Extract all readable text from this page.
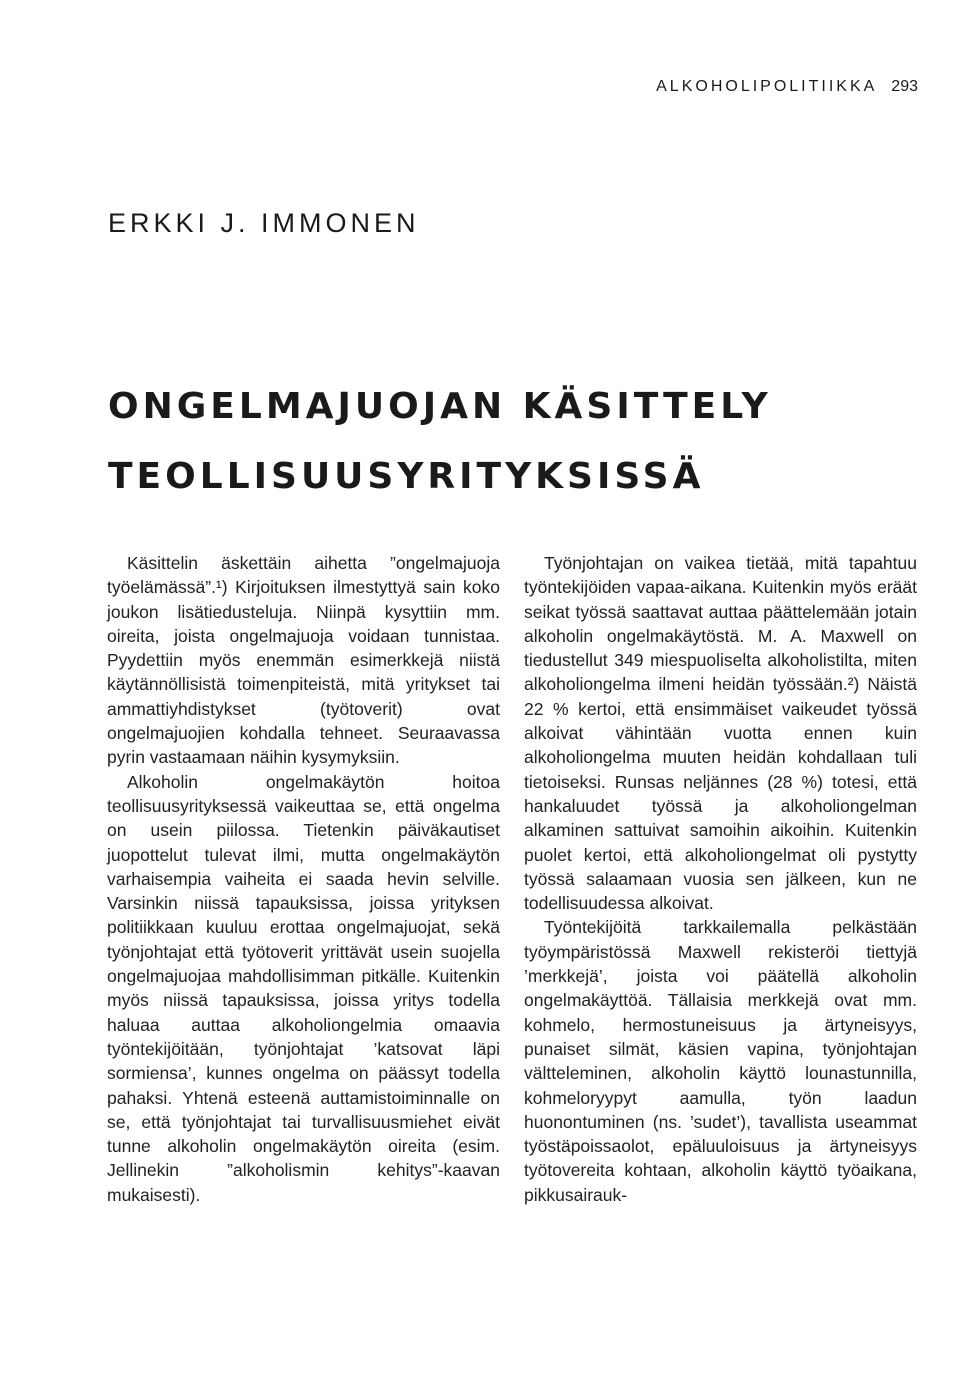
ALKOHOLIPOLITIIKKA 293
ERKKI J. IMMONEN
ONGELMAJUOJAN KÄSITTELY
TEOLLISUUSYRITYKSISSÄ

Käsittelin äskettäin aihetta ”ongelmajuoja työelämässä”.¹) Kirjoituksen ilmestyttyä sain koko joukon lisätiedusteluja. Niinpä kysyttiin mm. oireita, joista ongelmajuoja voidaan tunnistaa. Pyydettiin myös enemmän esimerkkejä niistä käytännöllisistä toimenpiteistä, mitä yritykset tai ammattiyhdistykset (työtoverit) ovat ongelmajuojien kohdalla tehneet. Seuraavassa pyrin vastaamaan näihin kysymyksiin.

Alkoholin ongelmakäytön hoitoa teollisuusyrityksessä vaikeuttaa se, että ongelma on usein piilossa. Tietenkin päiväkautiset juopottelut tulevat ilmi, mutta ongelmakäytön varhaisempia vaiheita ei saada hevin selville. Varsinkin niissä tapauksissa, joissa yrityksen politiikkaan kuuluu erottaa ongelmajuojat, sekä työnjohtajat että työtoverit yrittävät usein suojella ongelmajuojaa mahdollisimman pitkälle. Kuitenkin myös niissä tapauksissa, joissa yritys todella haluaa auttaa alkoholiongelmia omaavia työntekijöitään, työnjohtajat ’katsovat läpi sormiensa’, kunnes ongelma on päässyt todella pahaksi. Yhtenä esteenä auttamistoiminnalle on se, että työnjohtajat tai turvallisuusmiehet eivät tunne alkoholin ongelmakäytön oireita (esim. Jellinekin ”alkoholismin kehitys”-kaavan mukaisesti).

Työnjohtajan on vaikea tietää, mitä tapahtuu työntekijöiden vapaa-aikana. Kuitenkin myös eräät seikat työssä saattavat auttaa päättelemään jotain alkoholin ongelmakäytöstä. M. A. Maxwell on tiedustellut 349 miespuoliselta alkoholistilta, miten alkoholiongelma ilmeni heidän työssään.²) Näistä 22 % kertoi, että ensimmäiset vaikeudet työssä alkoivat vähintään vuotta ennen kuin alkoholiongelma muuten heidän kohdallaan tuli tietoiseksi. Runsas neljännes (28 %) totesi, että hankaluudet työssä ja alkoholiongelman alkaminen sattuivat samoihin aikoihin. Kuitenkin puolet kertoi, että alkoholiongelmat oli pystytty työssä salaamaan vuosia sen jälkeen, kun ne todellisuudessa alkoivat.

Työntekijöitä tarkkailemalla pelkästään työympäristössä Maxwell rekisteröi tiettyjä ’merkkejä’, joista voi päätellä alkoholin ongelmakäyttöä. Tällaisia merkkejä ovat mm. kohmelo, hermostuneisuus ja ärtyneisyys, punaiset silmät, käsien vapina, työnjohtajan välttelеminen, alkoholin käyttö lounastunnilla, kohmeloryypyt aamulla, työn laadun huonontuminen (ns. ’sudet’), tavallista useammat työstäpoissaolot, epäluuloisuus ja ärtyneisyys työtovereita kohtaan, alkoholin käyttö työaikana, pikkusairauk-
